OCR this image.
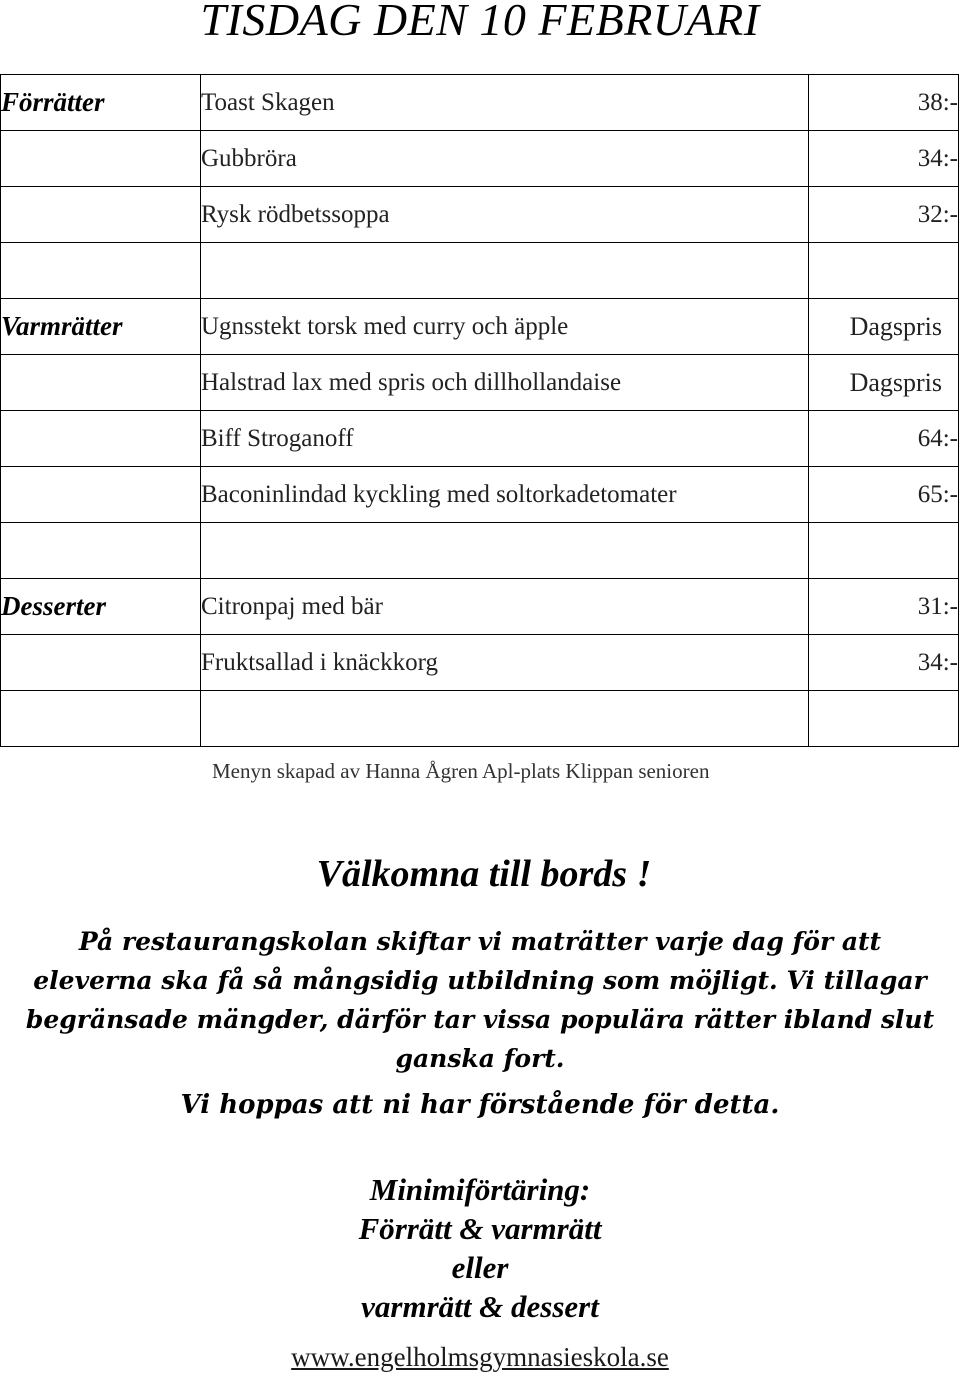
TISDAG DEN 10 FEBRUARI
Förrätter	Toast Skagen	38:-
	Gubbröra	34:-
	Rysk rödbetssoppa	32:-

Varmrätter	Ugnsstekt torsk med curry och äpple	Dagspris
	Halstrad lax med spris och dillhollandaise	Dagspris
	Biff Stroganoff	64:-
	Baconinlindad kyckling med soltorkadetomater	65:-

Desserter	Citronpaj med bär	31:-
	Fruktsallad i knäckkorg	34:-

Menyn skapad av Hanna Ågren Apl-plats Klippan senioren
Välkomna till bords !
På restaurangskolan skiftar vi maträtter varje dag för att
eleverna ska få så mångsidig utbildning som möjligt. Vi tillagar
begränsade mängder, därför tar vissa populära rätter ibland slut
ganska fort.
Vi hoppas att ni har förstående för detta.
Minimiförtäring:
Förrätt & varmrätt
eller
varmrätt & dessert
www.engelholmsgymnasieskola.se
